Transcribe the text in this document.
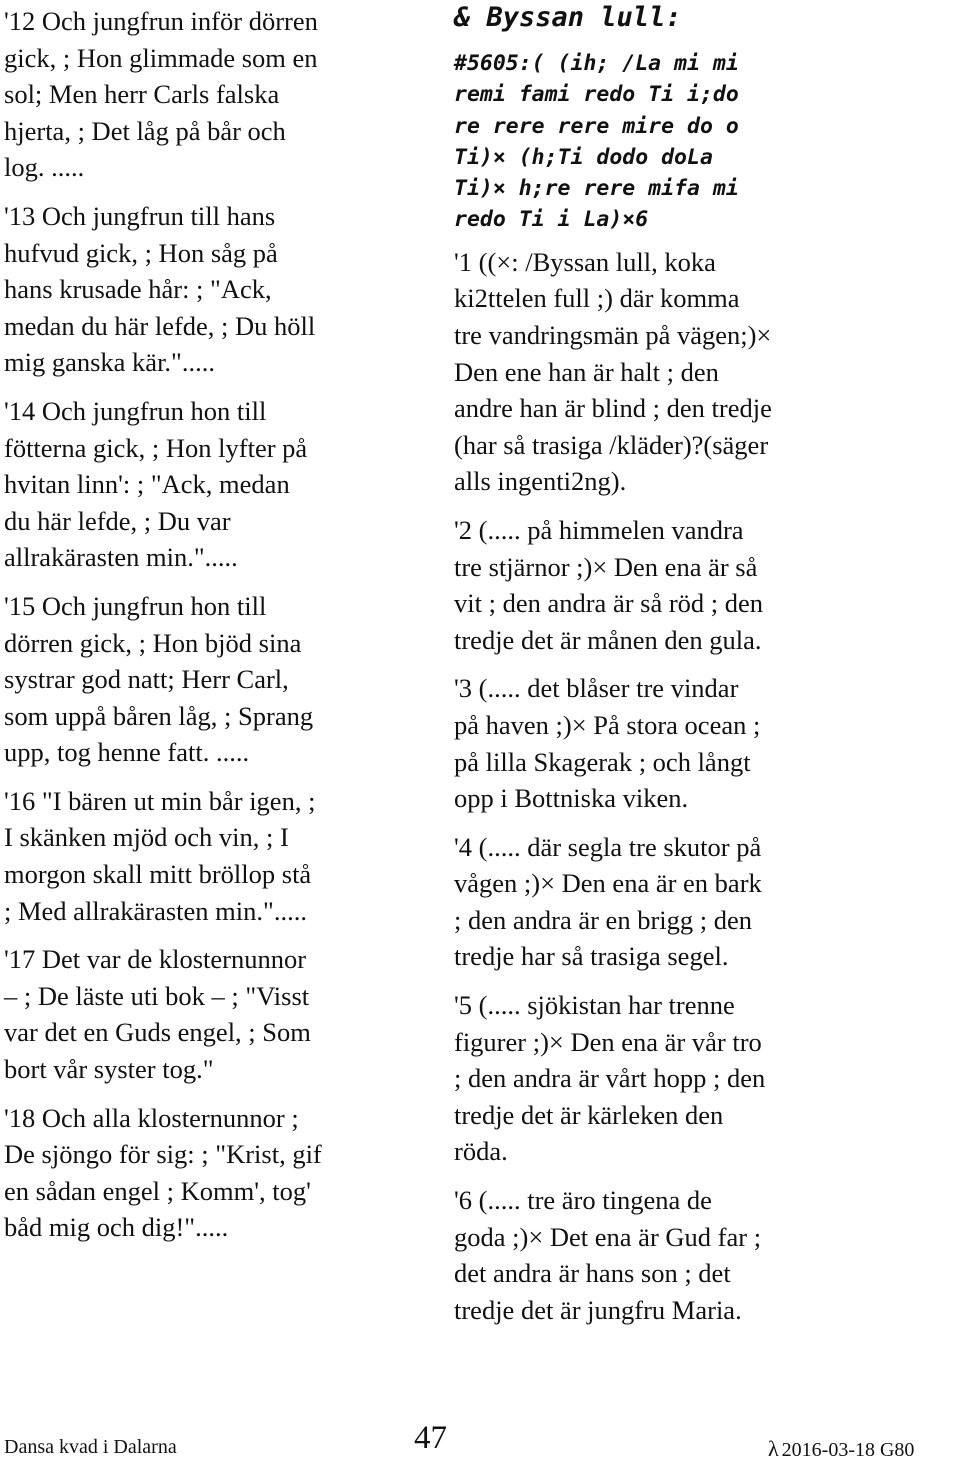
'12 Och jungfrun inför dörren
gick, ; Hon glimmade som en
sol; Men herr Carls falska
hjerta, ; Det låg på bår och
log. .....

'13 Och jungfrun till hans
hufvud gick, ; Hon såg på
hans krusade hår: ; "Ack,
medan du här lefde, ; Du höll
mig ganska kär.".....

'14 Och jungfrun hon till
fötterna gick, ; Hon lyfter på
hvitan linn': ; "Ack, medan
du här lefde, ; Du var
allrakärasten min.".....

'15 Och jungfrun hon till
dörren gick, ; Hon bjöd sina
systrar god natt; Herr Carl,
som uppå båren låg, ; Sprang
upp, tog henne fatt. .....

'16 "I bären ut min bår igen, ;
I skänken mjöd och vin, ; I
morgon skall mitt bröllop stå
; Med allrakärasten min.".....

'17 Det var de klosternunnor
– ; De läste uti bok – ; "Visst
var det en Guds engel, ; Som
bort vår syster tog."

'18 Och alla klosternunnor ;
De sjöngo för sig: ; "Krist, gif
en sådan engel ; Komm', tog'
båd mig och dig!".....

& Byssan lull:
#5605:( (ih; /La mi mi
remi fami redo Ti i;do
re rere rere mire do o
Ti)× (h;Ti dodo doLa
Ti)× h;re rere mifa mi
redo Ti i La)×6

'1 ((×: /Byssan lull, koka
ki2ttelen full ;) där komma
tre vandringsmän på vägen;)×
Den ene han är halt ; den
andre han är blind ; den tredje
(har så trasiga /kläder)?(säger
alls ingenti2ng).

'2 (..... på himmelen vandra
tre stjärnor ;)× Den ena är så
vit ; den andra är så röd ; den
tredje det är månen den gula.

'3 (..... det blåser tre vindar
på haven ;)× På stora ocean ;
på lilla Skagerak ; och långt
opp i Bottniska viken.

'4 (..... där segla tre skutor på
vågen ;)× Den ena är en bark
; den andra är en brigg ; den
tredje har så trasiga segel.

'5 (..... sjökistan har trenne
figurer ;)× Den ena är vår tro
; den andra är vårt hopp ; den
tredje det är kärleken den
röda.

'6 (..... tre äro tingena de
goda ;)× Det ena är Gud far ;
det andra är hans son ; det
tredje det är jungfru Maria.

Dansa kvad i Dalarna	47	λ 2016-03-18 G80
